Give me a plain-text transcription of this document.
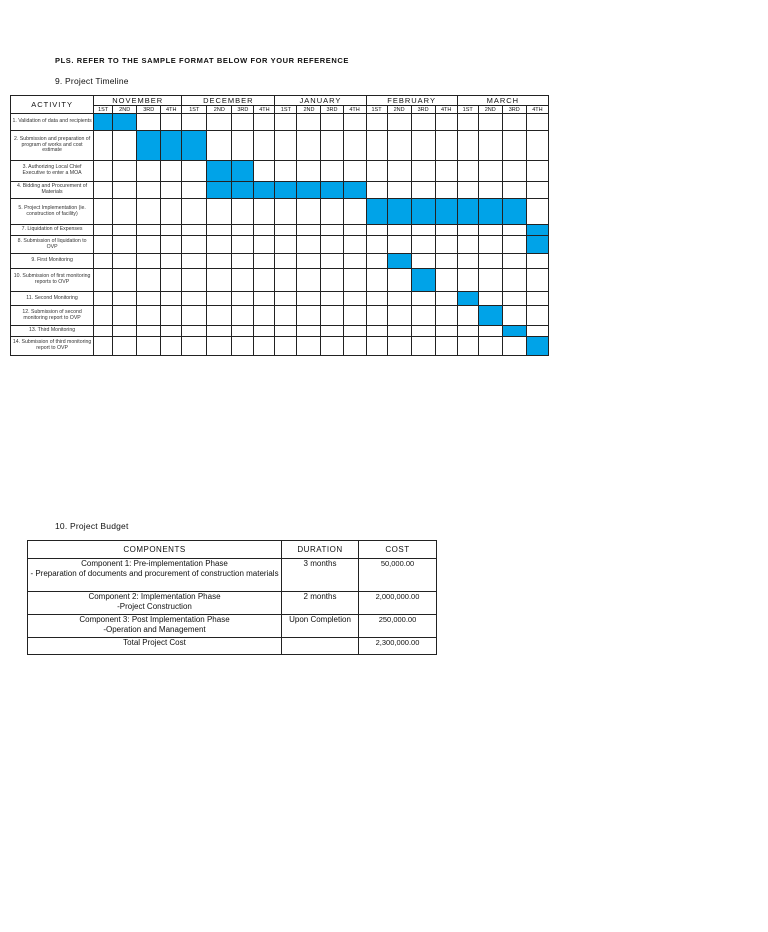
PLS. REFER TO THE SAMPLE FORMAT BELOW FOR YOUR REFERENCE
9. Project Timeline
ACTIVITY	NOVEMBER				DECEMBER				JANUARY				FEBRUARY				MARCH			
	1ST	2ND	3RD	4TH	1ST	2ND	3RD	4TH	1ST	2ND	3RD	4TH	1ST	2ND	3RD	4TH	1ST	2ND	3RD	4TH
1. Validation of data and recipients																				
2. Submission and preparation of program of works and cost estimate																				
3. Authorizing Local Chief Executive to enter a MOA																				
4. Bidding and Procurement of Materials																				
5. Project Implementation (ie. construction of facility)																				
7. Liquidation of Expenses																				
8. Submission of liquidation to OVP																				
9. First Monitoring																				
10. Submission of first monitoring reports to OVP																				
11. Second Monitoring																				
12. Submission of second monitoring report to OVP																				
13. Third Monitoring																				
14. Submission of third monitoring report to OVP																				
10. Project Budget
COMPONENTS	DURATION	COST

Component 1: Pre-implementation Phase
- Preparation of documents and procurement of construction materials	3 months	50,000.00

Component 2: Implementation Phase
-Project Construction	2 months	2,000,000.00

Component 3: Post Implementation Phase
-Operation and Management	Upon Completion	250,000.00
Total Project Cost		2,300,000.00
